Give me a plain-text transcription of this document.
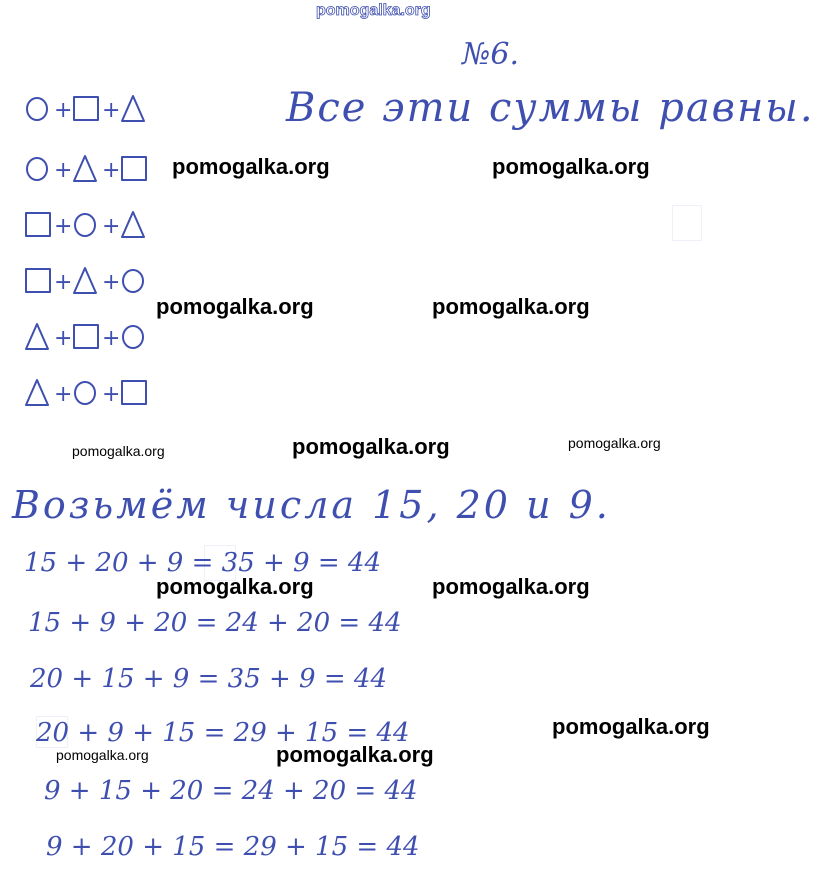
pomogalka.org
№6.
Все эти суммы равны.
+ +
+ +
+ +
+ +
+ +
+ +
Возьмём числа 15, 20 и 9.
15 + 20 + 9 = 35 + 9 = 44
15 + 9 + 20 = 24 + 20 = 44
20 + 15 + 9 = 35 + 9 = 44
20 + 9 + 15 = 29 + 15 = 44
9 + 15 + 20 = 24 + 20 = 44
9 + 20 + 15 = 29 + 15 = 44
pomogalka.org	pomogalka.org
pomogalka.org	pomogalka.org
pomogalka.org	pomogalka.org	pomogalka.org
pomogalka.org	pomogalka.org
pomogalka.org
pomogalka.org	pomogalka.org
